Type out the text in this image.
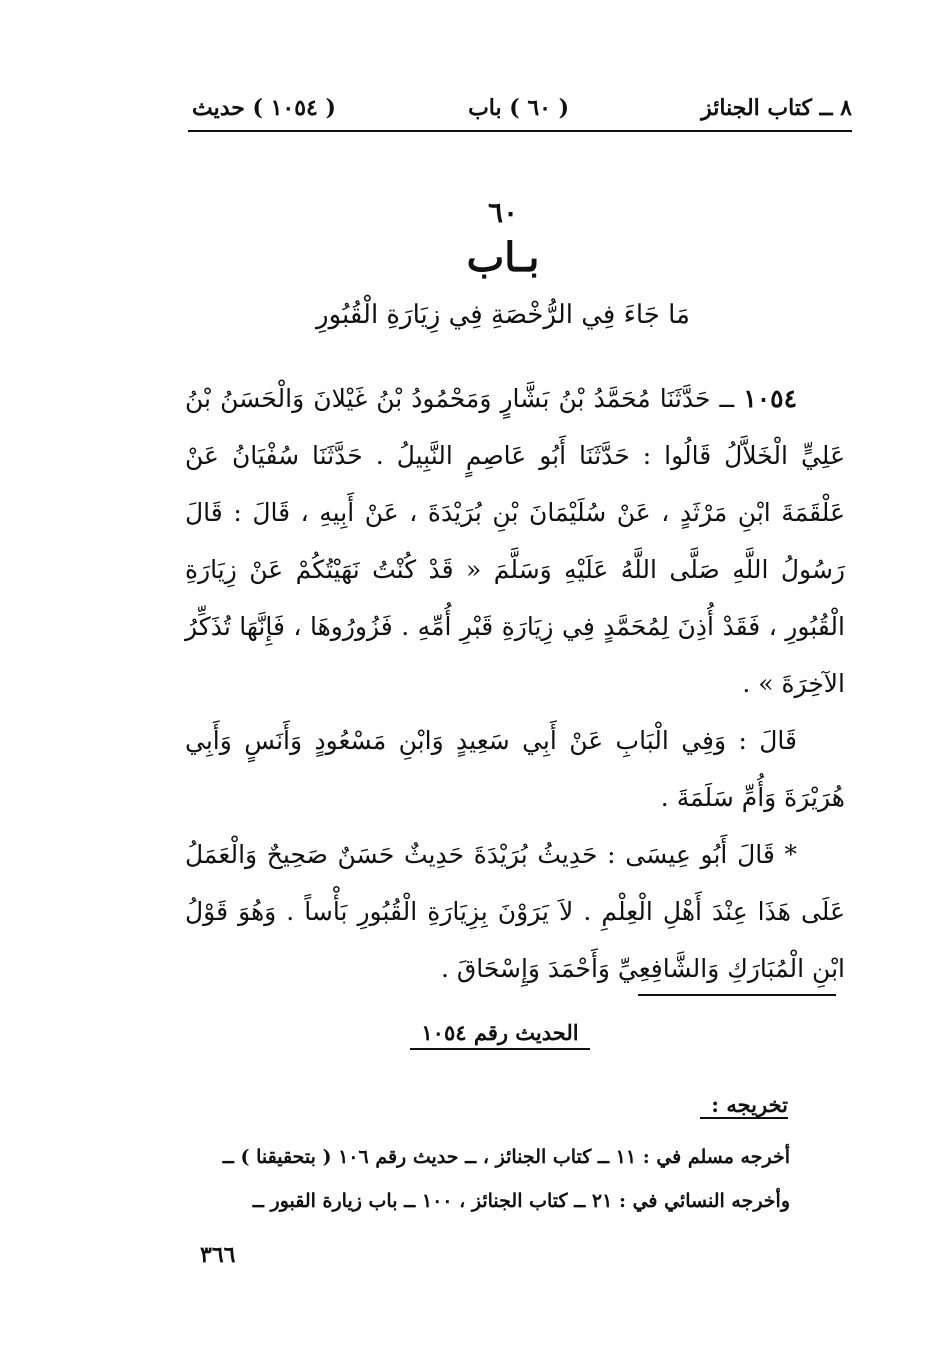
٨ ــ كتاب الجنائز
( ٦٠ ) باب
( ١٠٥٤ ) حديث
٦٠
بـاب
مَا جَاءَ فِي الرُّخْصَةِ فِي زِيَارَةِ الْقُبُورِ

١٠٥٤ ــ حَدَّثَنَا مُحَمَّدُ بْنُ بَشَّارٍ وَمَحْمُودُ بْنُ غَيْلانَ وَالْحَسَنُ بْنُ عَلِيٍّ الْخَلاَّلُ قَالُوا : حَدَّثَنَا أَبُو عَاصِمٍ النَّبِيلُ . حَدَّثَنَا سُفْيَانُ عَنْ عَلْقَمَةَ ابْنِ مَرْثَدٍ ، عَنْ سُلَيْمَانَ بْنِ بُرَيْدَةَ ، عَنْ أَبِيهِ ، قَالَ : قَالَ رَسُولُ اللَّهِ صَلَّى اللَّهُ عَلَيْهِ وَسَلَّمَ « قَدْ كُنْتُ نَهَيْتُكُمْ عَنْ زِيَارَةِ الْقُبُورِ ، فَقَدْ أُذِنَ لِمُحَمَّدٍ فِي زِيَارَةِ قَبْرِ أُمِّهِ . فَزُورُوهَا ، فَإِنَّهَا تُذَكِّرُ الآخِرَةَ » .

قَالَ : وَفِي الْبَابِ عَنْ أَبِي سَعِيدٍ وَابْنِ مَسْعُودٍ وَأَنَسٍ وَأَبِي هُرَيْرَةَ وَأُمِّ سَلَمَةَ .

* قَالَ أَبُو عِيسَى : حَدِيثُ بُرَيْدَةَ حَدِيثٌ حَسَنٌ صَحِيحٌ وَالْعَمَلُ عَلَى هَذَا عِنْدَ أَهْلِ الْعِلْمِ . لاَ يَرَوْنَ بِزِيَارَةِ الْقُبُورِ بَأْساً . وَهُوَ قَوْلُ ابْنِ الْمُبَارَكِ وَالشَّافِعِيِّ وَأَحْمَدَ وَإِسْحَاقَ .

الحديث رقم ١٠٥٤
تخريجه :
أخرجه مسلم في : ١١ ــ كتاب الجنائز ، ــ حديث رقم ١٠٦ ( بتحقيقنا ) ــ
وأخرجه النسائي في : ٢١ ــ كتاب الجنائز ، ١٠٠ ــ باب زيارة القبور ــ
٣٦٦
